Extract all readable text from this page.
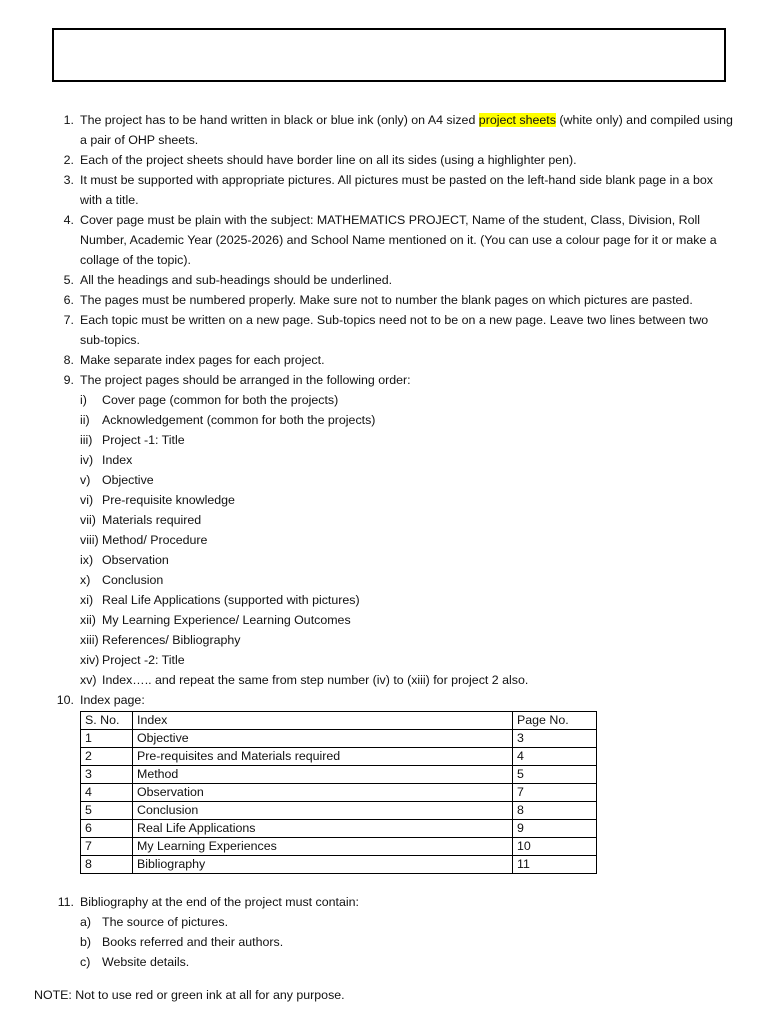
1. The project has to be hand written in black or blue ink (only) on A4 sized project sheets (white only) and compiled using a pair of OHP sheets.
2. Each of the project sheets should have border line on all its sides (using a highlighter pen).
3. It must be supported with appropriate pictures. All pictures must be pasted on the left-hand side blank page in a box with a title.
4. Cover page must be plain with the subject: MATHEMATICS PROJECT, Name of the student, Class, Division, Roll Number, Academic Year (2025-2026) and School Name mentioned on it. (You can use a colour page for it or make a collage of the topic).
5. All the headings and sub-headings should be underlined.
6. The pages must be numbered properly. Make sure not to number the blank pages on which pictures are pasted.
7. Each topic must be written on a new page. Sub-topics need not to be on a new page. Leave two lines between two sub-topics.
8. Make separate index pages for each project.
9. The project pages should be arranged in the following order:
i) Cover page (common for both the projects)
ii) Acknowledgement (common for both the projects)
iii) Project -1: Title
iv) Index
v) Objective
vi) Pre-requisite knowledge
vii) Materials required
viii) Method/ Procedure
ix) Observation
x) Conclusion
xi) Real Life Applications (supported with pictures)
xii) My Learning Experience/ Learning Outcomes
xiii) References/ Bibliography
xiv) Project -2: Title
xv) Index….. and repeat the same from step number (iv) to (xiii) for project 2 also.
10. Index page:
S. No.	Index	Page No.
1	Objective	3
2	Pre-requisites and Materials required	4
3	Method	5
4	Observation	7
5	Conclusion	8
6	Real Life Applications	9
7	My Learning Experiences	10
8	Bibliography	11
11. Bibliography at the end of the project must contain:
a) The source of pictures.
b) Books referred and their authors.
c) Website details.
NOTE: Not to use red or green ink at all for any purpose.
